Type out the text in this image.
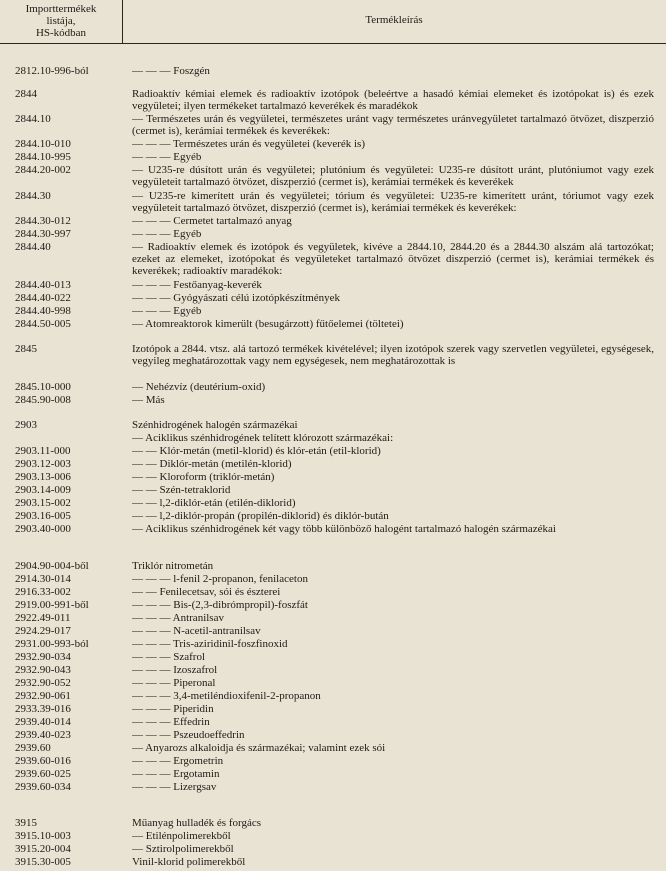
Importtermékek
listája,
HS-kódban
Termékleírás
2812.10-996-ból	— — — Foszgén
2844	Radioaktív kémiai elemek és radioaktív izotópok (beleértve a hasadó kémiai elemeket és izotópokat is) és ezek vegyületei; ilyen termékeket tartalmazó keverékek és maradékok
2844.10	— Természetes urán és vegyületei, természetes uránt vagy természetes uránvegyületet tartalmazó ötvözet, diszperzió (cermet is), kerámiai termékek és keverékek:
2844.10-010	— — — Természetes urán és vegyületei (keverék is)
2844.10-995	— — — Egyéb
2844.20-002	— U235-re dúsított urán és vegyületei; plutónium és vegyületei: U235-re dúsított uránt, plutóniumot vagy ezek vegyületeit tartalmazó ötvözet, diszperzió (cermet is), kerámiai termékek és keverékek
2844.30	— U235-re kimerített urán és vegyületei; tórium és vegyületei: U235-re kimerített uránt, tóriumot vagy ezek vegyületeit tartalmazó ötvözet, diszperzió (cermet is), kerámiai termékek és keverékek:
2844.30-012	— — — Cermetet tartalmazó anyag
2844.30-997	— — — Egyéb
2844.40	— Radioaktív elemek és izotópok és vegyületek, kivéve a 2844.10, 2844.20 és a 2844.30 alszám alá tartozókat; ezeket az elemeket, izotópokat és vegyületeket tartalmazó ötvözet diszperzió (cermet is), kerámiai termékek és keverékek; radioaktív maradékok:
2844.40-013	— — — Festőanyag-keverék
2844.40-022	— — — Gyógyászati célú izotópkészítmények
2844.40-998	— — — Egyéb
2844.50-005	— Atomreaktorok kimerült (besugárzott) fűtőelemei (töltetei)
2845	Izotópok a 2844. vtsz. alá tartozó termékek kivételével; ilyen izotópok szerek vagy szervetlen vegyületei, egységesek, vegyileg meghatározottak vagy nem egységesek, nem meghatározottak is
2845.10-000	— Nehézvíz (deutérium-oxid)
2845.90-008	— Más
2903	Szénhidrogének halogén származékai
— Aciklikus szénhidrogének telített klórozott származékai:
2903.11-000	— — Klór-metán (metil-klorid) és klór-etán (etil-klorid)
2903.12-003	— — Diklór-metán (metilén-klorid)
2903.13-006	— — Kloroform (triklór-metán)
2903.14-009	— — Szén-tetraklorid
2903.15-002	— — l,2-diklór-etán (etilén-diklorid)
2903.16-005	— — l,2-diklór-propán (propilén-diklorid) és diklór-bután
2903.40-000	— Aciklikus szénhidrogének két vagy több különböző halogént tartalmazó halogén származékai
2904.90-004-ből	Triklór nitrometán
2914.30-014	— — — l-fenil 2-propanon, fenilaceton
2916.33-002	— — Fenilecetsav, sói és észterei
2919.00-991-ből	— — — Bis-(2,3-dibrómpropil)-foszfát
2922.49-011	— — — Antranilsav
2924.29-017	— — — N-acetil-antranilsav
2931.00-993-ból	— — — Tris-aziridinil-foszfinoxid
2932.90-034	— — — Szafrol
2932.90-043	— — — Izoszafrol
2932.90-052	— — — Piperonal
2932.90-061	— — — 3,4-metiléndioxifenil-2-propanon
2933.39-016	— — — Piperidin
2939.40-014	— — — Effedrin
2939.40-023	— — — Pszeudoeffedrin
2939.60	— Anyarozs alkaloidja és származékai; valamint ezek sói
2939.60-016	— — — Ergometrin
2939.60-025	— — — Ergotamin
2939.60-034	— — — Lizergsav
3915	Műanyag hulladék és forgács
3915.10-003	— Etilénpolimerekből
3915.20-004	— Sztirolpolimerekből
3915.30-005	Vinil-klorid polimerekből
